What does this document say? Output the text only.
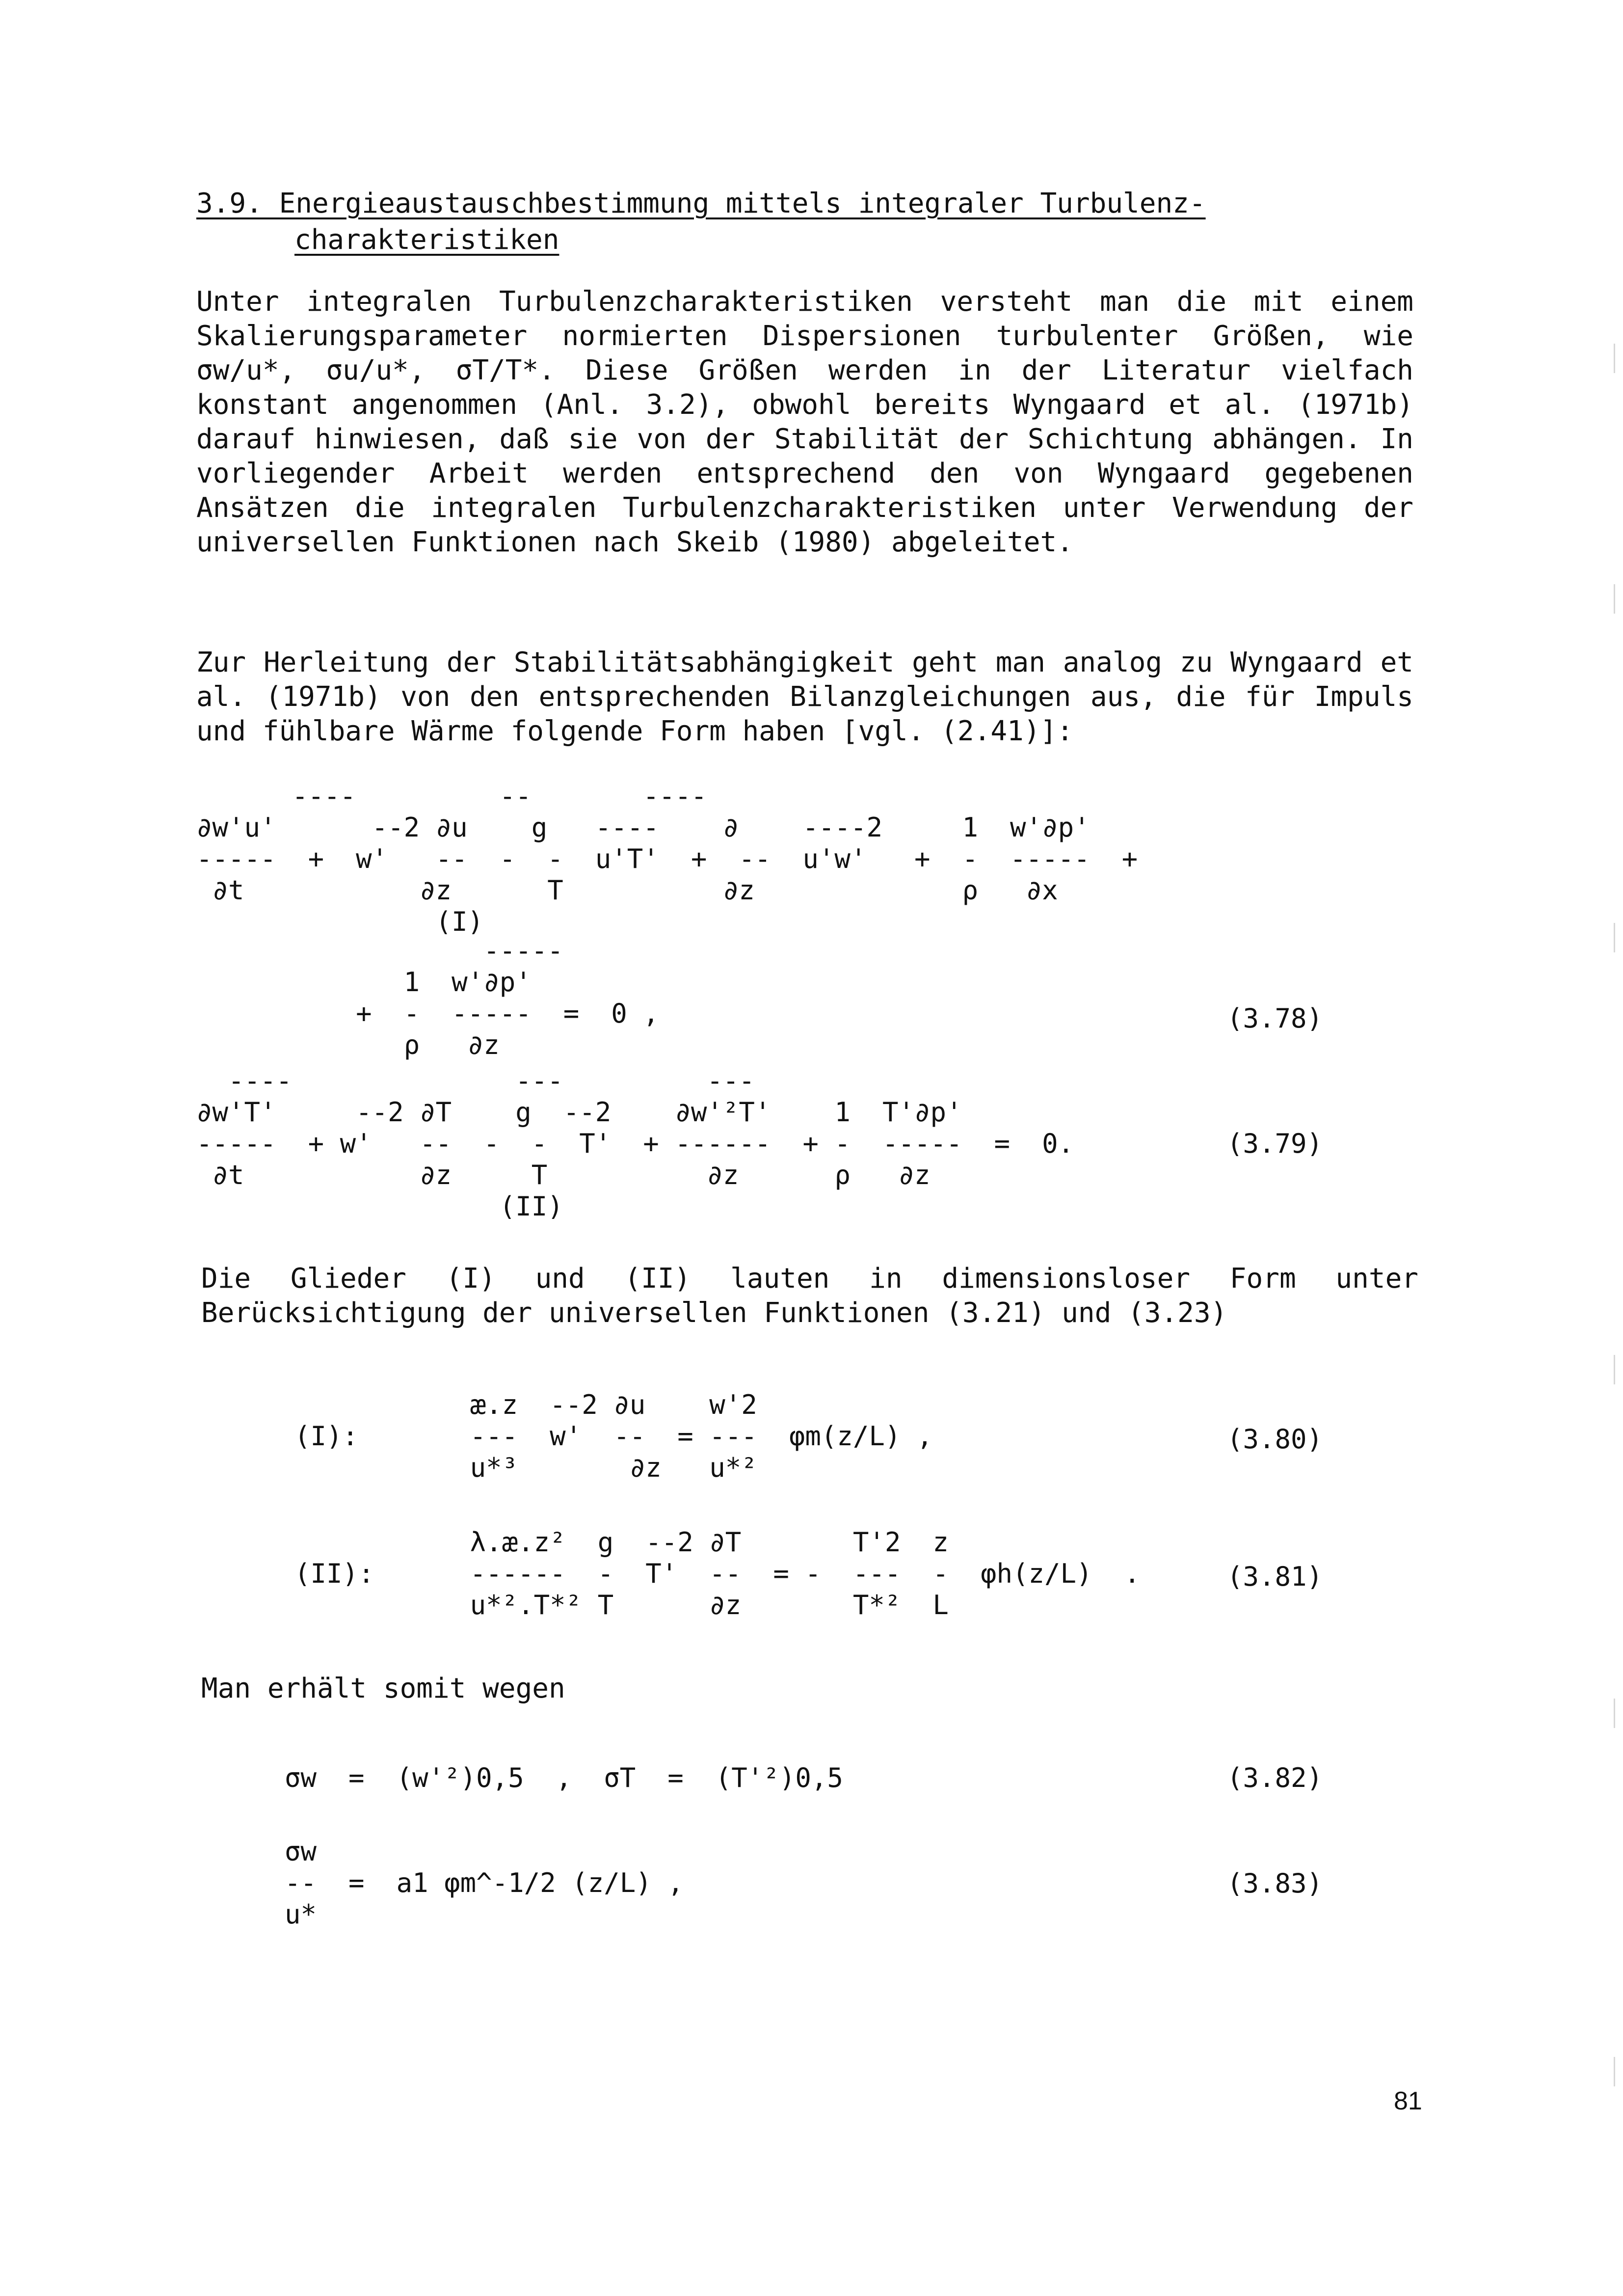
3.9. Energieaustauschbestimmung mittels integraler Turbulenz-
charakteristiken
Unter integralen Turbulenzcharakteristiken versteht man die mit einem Skalierungsparameter normierten Dispersionen turbulenter Größen, wie σw/u*, σu/u*, σT/T*. Diese Größen werden in der Literatur vielfach konstant angenommen (Anl. 3.2), obwohl bereits Wyngaard et al. (1971b) darauf hinwiesen, daß sie von der Stabilität der Schichtung abhängen. In vorliegender Arbeit werden entsprechend den von Wyngaard gegebenen Ansätzen die integralen Turbulenzcharakteristiken unter Verwendung der universellen Funktionen nach Skeib (1980) abgeleitet.
Zur Herleitung der Stabilitätsabhängigkeit geht man analog zu Wyngaard et al. (1971b) von den entsprechenden Bilanzgleichungen aus, die für Impuls und fühlbare Wärme folgende Form haben [vgl. (2.41)]:
----         --       ----
∂w'u'      --2 ∂u    g   ----    ∂    ----2     1  w'∂p'
-----  +  w'   --  -  -  u'T'  +  --  u'w'   +  -  -----  +
∂t           ∂z      T          ∂z             ρ   ∂x
(I)
-----
1  w'∂p'
+  -  -----  =  0 ,
ρ   ∂z
(3.78)
----              ---         ---
∂w'T'     --2 ∂T    g  --2    ∂w'²T'    1  T'∂p'
-----  + w'   --  -  -  T'  + ------  + -  -----  =  0.
∂t           ∂z     T          ∂z      ρ   ∂z
(II)
(3.79)
Die Glieder (I) und (II) lauten in dimensionsloser Form unter Berücksichtigung der universellen Funktionen (3.21) und (3.23)
æ.z  --2 ∂u    w'2
(I):       ---  w'  --  = ---  φm(z/L) ,
u*³       ∂z   u*²
(3.80)
λ.æ.z²  g  --2 ∂T       T'2  z
(II):      ------  -  T'  --  = -  ---  -  φh(z/L)  .
u*².T*² T      ∂z       T*²  L
(3.81)
Man erhält somit wegen
σw  =  (w'²)0,5  ,  σT  =  (T'²)0,5	(3.82)
σw
--  =  a1 φm^-1/2 (z/L) ,
u*
(3.83)
81
